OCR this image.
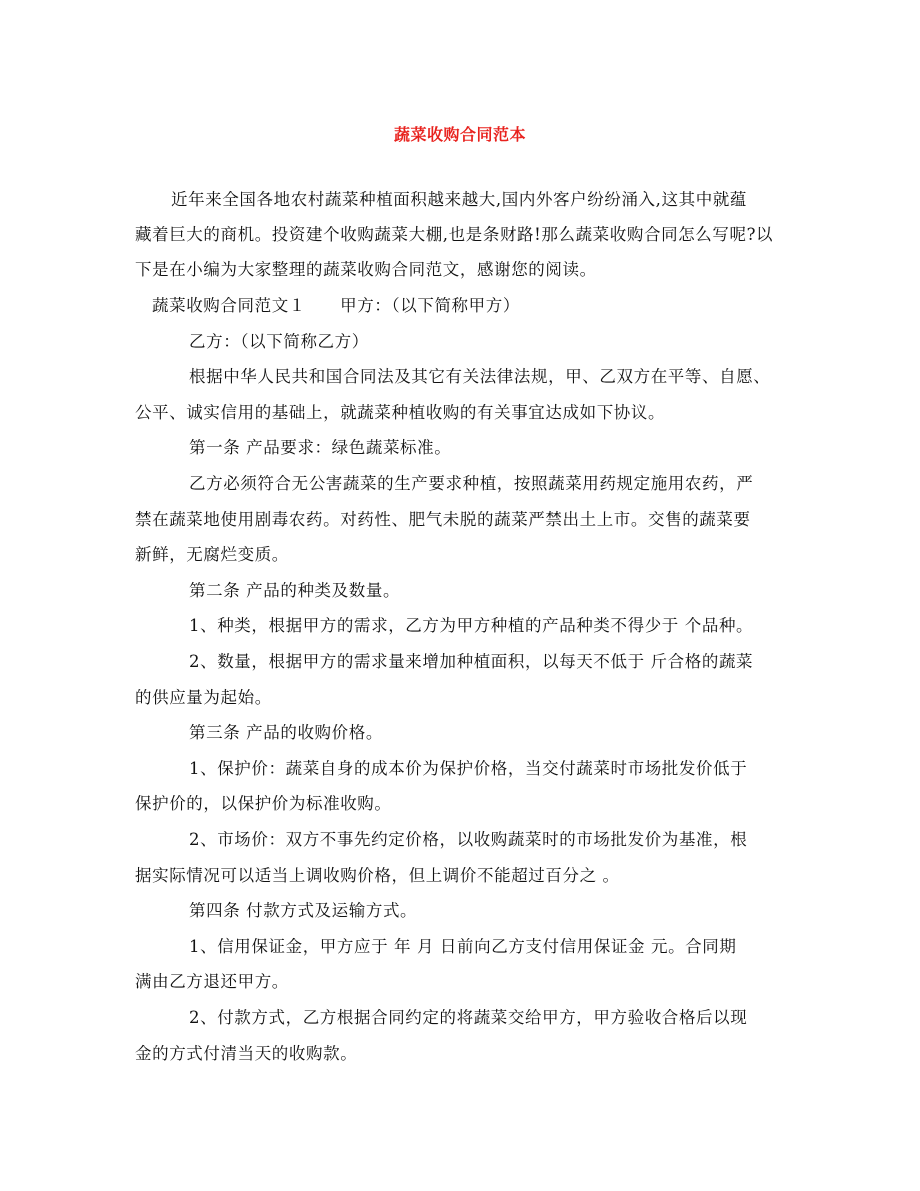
蔬菜收购合同范本
近年来全国各地农村蔬菜种植面积越来越大,国内外客户纷纷涌入,这其中就蕴
藏着巨大的商机。投资建个收购蔬菜大棚,也是条财路!那么蔬菜收购合同怎么写呢?以
下是在小编为大家整理的蔬菜收购合同范文，感谢您的阅读。
蔬菜收购合同范文１　　甲方：（以下简称甲方）
乙方：（以下简称乙方）
根据中华人民共和国合同法及其它有关法律法规，甲、乙双方在平等、自愿、
公平、诚实信用的基础上，就蔬菜种植收购的有关事宜达成如下协议。
第一条 产品要求：绿色蔬菜标准。
乙方必须符合无公害蔬菜的生产要求种植，按照蔬菜用药规定施用农药，严
禁在蔬菜地使用剧毒农药。对药性、肥气未脱的蔬菜严禁出土上市。交售的蔬菜要
新鲜，无腐烂变质。
第二条 产品的种类及数量。
1、种类，根据甲方的需求，乙方为甲方种植的产品种类不得少于 个品种。
2、数量，根据甲方的需求量来增加种植面积，以每天不低于 斤合格的蔬菜
的供应量为起始。
第三条 产品的收购价格。
1、保护价：蔬菜自身的成本价为保护价格，当交付蔬菜时市场批发价低于
保护价的，以保护价为标准收购。
2、市场价：双方不事先约定价格，以收购蔬菜时的市场批发价为基准，根
据实际情况可以适当上调收购价格，但上调价不能超过百分之 。
第四条 付款方式及运输方式。
1、信用保证金，甲方应于 年 月 日前向乙方支付信用保证金 元。合同期
满由乙方退还甲方。
2、付款方式，乙方根据合同约定的将蔬菜交给甲方，甲方验收合格后以现
金的方式付清当天的收购款。
